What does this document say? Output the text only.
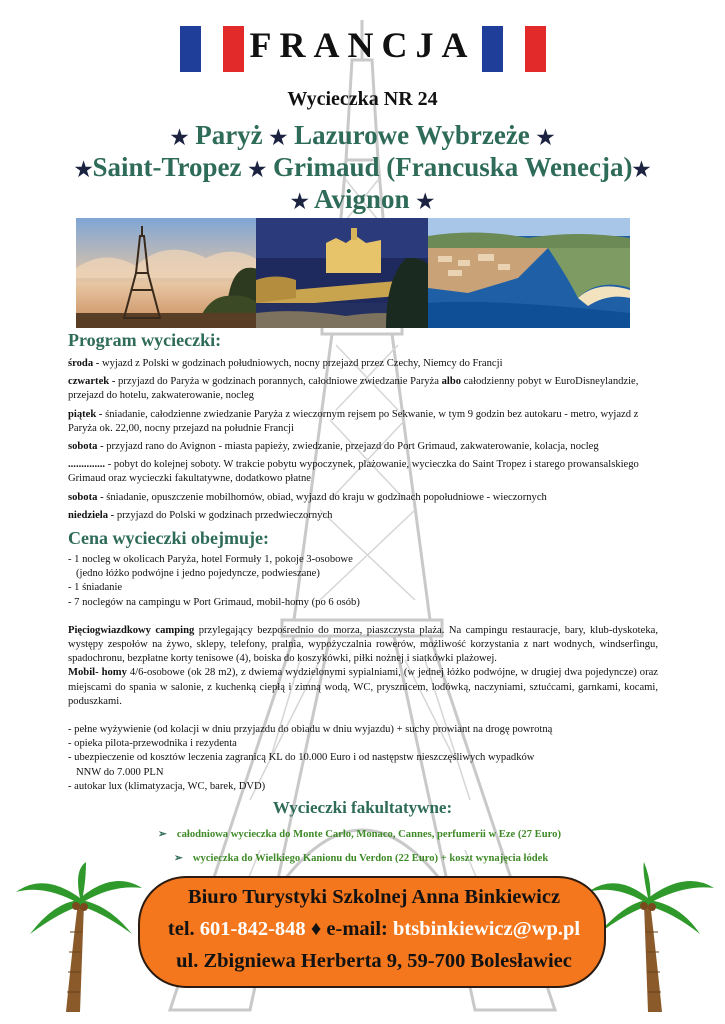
FRANCJA
Wycieczka NR 24
★ Paryż ★ Lazurowe Wybrzeże ★
★Saint-Tropez ★ Grimaud (Francuska Wenecja)★
★ Avignon ★
Program wycieczki:

środa - wyjazd z Polski w godzinach południowych, nocny przejazd przez Czechy, Niemcy do Francji

czwartek - przyjazd do Paryża w godzinach porannych, całodniowe zwiedzanie Paryża albo całodzienny pobyt w EuroDisneylandzie, przejazd do hotelu, zakwaterowanie, nocleg

piątek - śniadanie, całodzienne zwiedzanie Paryża z wieczornym rejsem po Sekwanie, w tym 9 godzin bez autokaru - metro, wyjazd z Paryża ok. 22,00, nocny przejazd na południe Francji

sobota - przyjazd rano do Avignon - miasta papieży, zwiedzanie, przejazd do Port Grimaud, zakwaterowanie, kolacja, nocleg

.............. - pobyt do kolejnej soboty. W trakcie pobytu wypoczynek, plażowanie, wycieczka do Saint Tropez i starego prowansalskiego Grimaud oraz wycieczki fakultatywne, dodatkowo płatne

sobota - śniadanie, opuszczenie mobilhomów, obiad, wyjazd do kraju w godzinach popołudniowe - wieczornych

niedziela - przyjazd do Polski w godzinach przedwieczornych

Cena wycieczki obejmuje:

- 1 nocleg w okolicach Paryża, hotel Formuły 1, pokoje 3-osobowe

(jedno łóżko podwójne i jedno pojedyncze, podwieszane)

- 1 śniadanie

- 7 noclegów na campingu w Port Grimaud, mobil-homy (po 6 osób)

Pięciogwiazdkowy camping przylegający bezpośrednio do morza, piaszczysta plaża. Na campingu restauracje, bary, klub-dyskoteka, występy zespołów na żywo, sklepy, telefony, pralnia, wypożyczalnia rowerów, możliwość korzystania z nart wodnych, windserfingu, spadochronu, bezpłatne korty tenisowe (4), boiska do koszykówki, piłki nożnej i siatkówki plażowej.

Mobil- homy 4/6-osobowe (ok 28 m2), z dwiema wydzielonymi sypialniami, (w jednej łóżko podwójne, w drugiej dwa pojedyncze) oraz miejscami do spania w salonie, z kuchenką ciepłą i zimną wodą, WC, prysznicem, lodówką, naczyniami, sztućcami, garnkami, kocami, poduszkami.

- pełne wyżywienie (od kolacji w dniu przyjazdu do obiadu w dniu wyjazdu) + suchy prowiant na drogę powrotną

- opieka pilota-przewodnika i rezydenta

- ubezpieczenie od kosztów leczenia zagranicą KL do 10.000 Euro i od następstw nieszczęśliwych wypadków

NNW do 7.000 PLN

- autokar lux (klimatyzacja, WC, barek, DVD)

Wycieczki fakultatywne:
➢ całodniowa wycieczka do Monte Carlo, Monaco, Cannes, perfumerii w Eze (27 Euro)
➢ wycieczka do Wielkiego Kanionu du Verdon (22 Euro) + koszt wynajęcia łódek
Biuro Turystyki Szkolnej Anna Binkiewicz
tel. 601-842-848 ♦ e-mail: btsbinkiewicz@wp.pl
ul. Zbigniewa Herberta 9, 59-700 Bolesławiec
